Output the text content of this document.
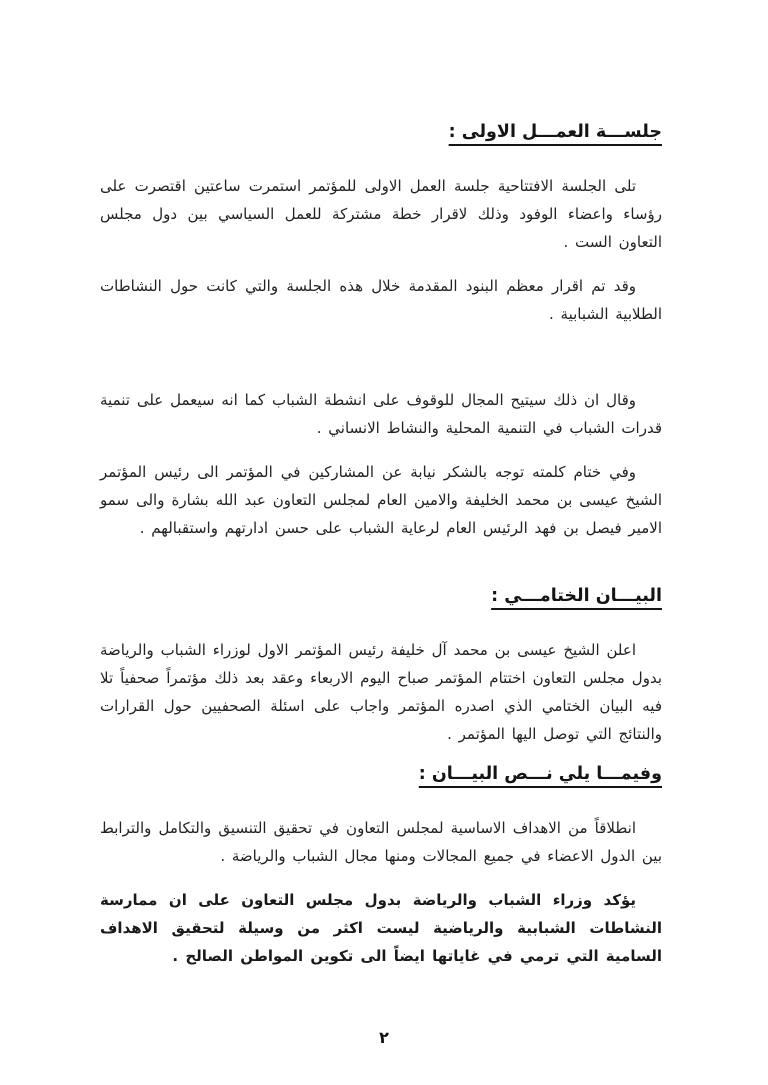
جلســـة العمـــل الاولى :

تلى الجلسة الافتتاحية جلسة العمل الاولى للمؤتمر استمرت ساعتين اقتصرت على رؤساء واعضاء الوفود وذلك لاقرار خطة مشتركة للعمل السياسي بين دول مجلس التعاون الست .

وقد تم اقرار معظم البنود المقدمة خلال هذه الجلسة والتي كانت حول النشاطات الطلابية الشبابية .

وقال ان ذلك سيتيح المجال للوقوف على انشطة الشباب كما انه سيعمل على تنمية قدرات الشباب في التنمية المحلية والنشاط الانساني .

وفي ختام كلمته توجه بالشكر نيابة عن المشاركين في المؤتمر الى رئيس المؤتمر الشيخ عيسى بن محمد الخليفة والامين العام لمجلس التعاون عبد الله بشارة والى سمو الامير فيصل بن فهد الرئيس العام لرعاية الشباب على حسن ادارتهم واستقبالهم .

البيـــان الختامـــي :

اعلن الشيخ عيسى بن محمد آل خليفة رئيس المؤتمر الاول لوزراء الشباب والرياضة بدول مجلس التعاون اختتام المؤتمر صباح اليوم الاربعاء وعقد بعد ذلك مؤتمراً صحفياً تلا فيه البيان الختامي الذي اصدره المؤتمر واجاب على اسئلة الصحفيين حول القرارات والنتائج التي توصل اليها المؤتمر .

وفيمـــا يلي نـــص البيـــان :

انطلاقاً من الاهداف الاساسية لمجلس التعاون في تحقيق التنسيق والتكامل والترابط بين الدول الاعضاء في جميع المجالات ومنها مجال الشباب والرياضة .

يؤكد وزراء الشباب والرياضة بدول مجلس التعاون على ان ممارسة النشاطات الشبابية والرياضية ليست اكثر من وسيلة لتحقيق الاهداف السامية التي ترمي في غاياتها ايضاً الى تكوين المواطن الصالح .

٢
